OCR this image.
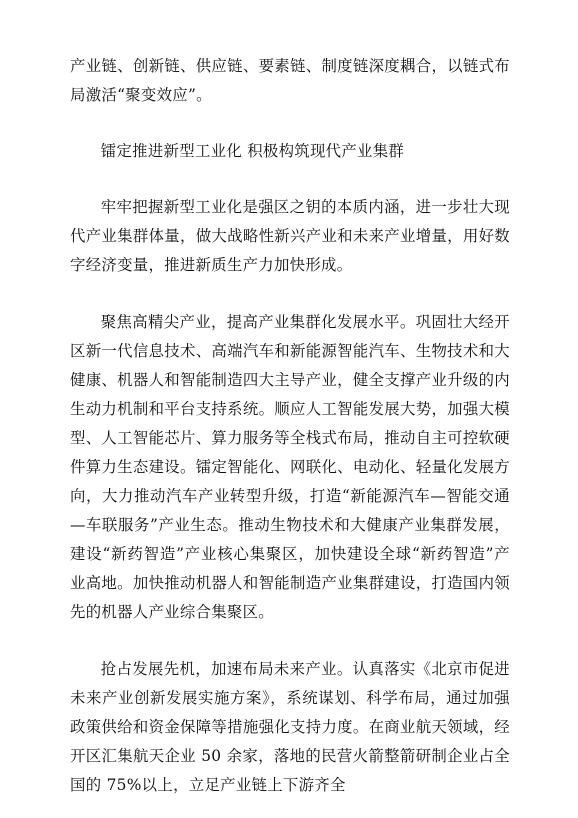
产业链、创新链、供应链、要素链、制度链深度耦合，以链式布局激活“聚变效应”。

镭定推进新型工业化 积极构筑现代产业集群

牢牢把握新型工业化是强区之钥的本质内涵，进一步壮大现代产业集群体量，做大战略性新兴产业和未来产业增量，用好数字经济变量，推进新质生产力加快形成。

聚焦高精尖产业，提高产业集群化发展水平。巩固壮大经开区新一代信息技术、高端汽车和新能源智能汽车、生物技术和大健康、机器人和智能制造四大主导产业，健全支撑产业升级的内生动力机制和平台支持系统。顺应人工智能发展大势，加强大模型、人工智能芯片、算力服务等全栈式布局，推动自主可控软硬件算力生态建设。镭定智能化、网联化、电动化、轻量化发展方向，大力推动汽车产业转型升级，打造“新能源汽车—智能交通—车联服务”产业生态。推动生物技术和大健康产业集群发展，建设“新药智造”产业核心集聚区，加快建设全球“新药智造”产业高地。加快推动机器人和智能制造产业集群建设，打造国内领先的机器人产业综合集聚区。

抢占发展先机，加速布局未来产业。认真落实《北京市促进未来产业创新发展实施方案》，系统谋划、科学布局，通过加强政策供给和资金保障等措施强化支持力度。在商业航天领域，经开区汇集航天企业 50 余家，落地的民营火箭整箭研制企业占全国的 75%以上，立足产业链上下游齐全
